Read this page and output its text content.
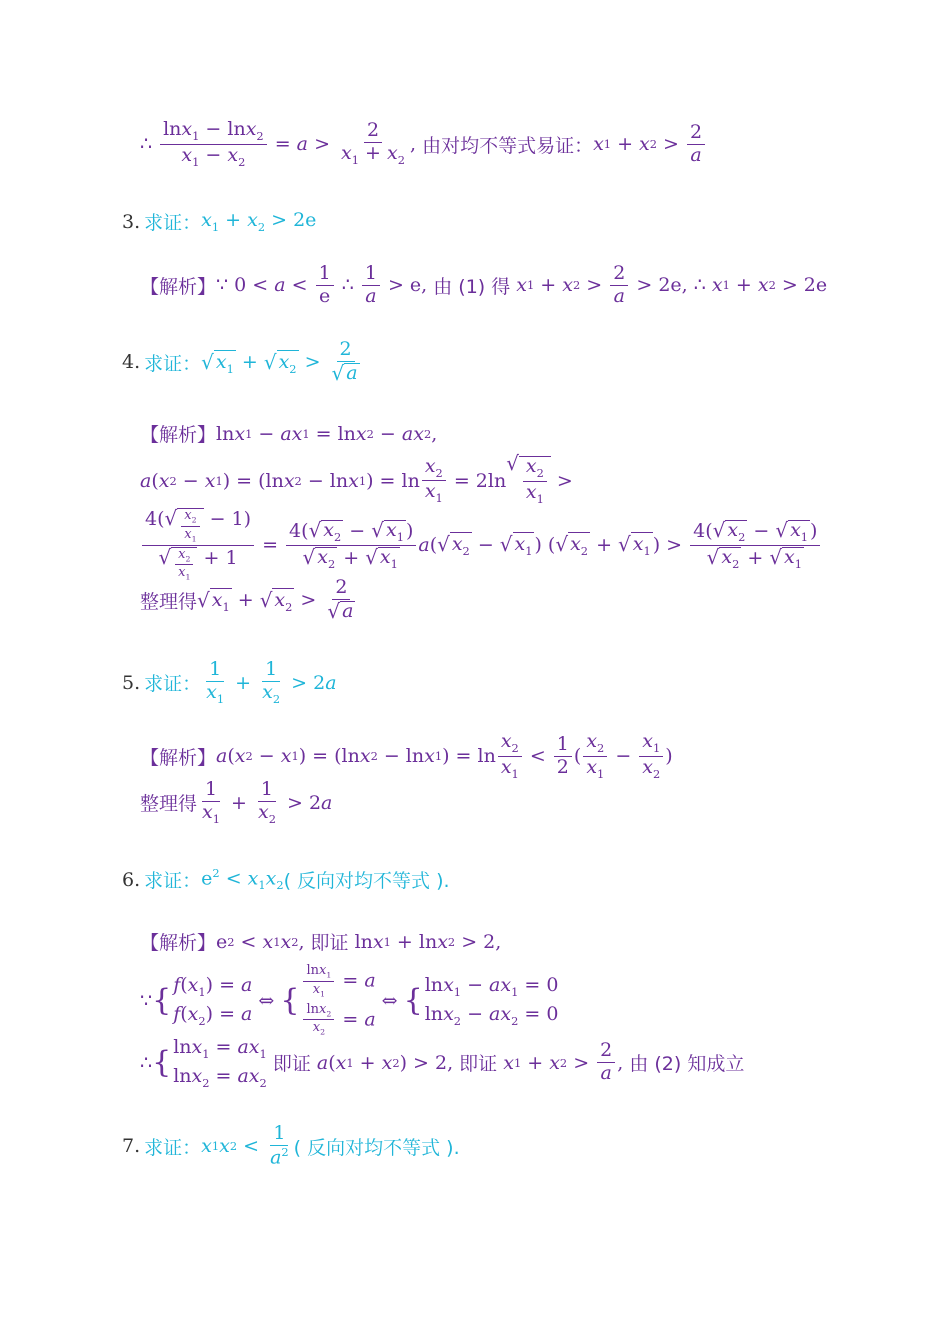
∴ $\frac{\ln x_1 - \ln x_2}{x_1 - x_2} = a > \frac{2}{x_1 + x_2}$ , 由对均不等式易证： x 1 + x $2 > \frac{2}{a}$
3. 求证： $x_1 + x_2 > 2e$
【解析】 ∵ $0 < a < \frac{1}{e}$ ∴ $\frac{1}{a} > e$, 由 (1) 得
x 1 + x $2 > \frac{2}{a} > 2e$, ∴ x 1 + x 2 > 2e
4. 求证： √ $x_1$ + √ $x_2 > \frac{2}{√ a}$
【解析】 ln x 1 − ax 1 = ln x 2 − ax 2 ,
a ( x 2 − x 1 ) = (ln x 2 − ln x 1 ) = $\ln \frac{x_2}{x_1} = 2\ln$
√ $\frac{x_2}{x_1}$ >
$\frac{4( √ \frac{x_2}{x_1} - 1)}{√ \frac{x_2}{x_1} + 1} = \frac{4( √ x_2 - √ x_1 )}{√ x_2 + √ x_1}$ a ( √ $x_2$ − √ $x_1$ ) ( √ $x_2$ + √ $x_1$ ) > $\frac{4( √ x_2 - √ x_1 )}{√ x_2 + √ x_1}$
整理得 √ $x_1$ + √ $x_2 > \frac{2}{√ a}$
5. 求证： $\frac{1}{x_1} + \frac{1}{x_2} > 2$ a
【解析】 a ( x 2 − x 1 ) = (ln x 2 − ln x 1 ) = $\ln \frac{x_2}{x_1} < \frac{1}{2}$ ( $\frac{x_2}{x_1} - \frac{x_1}{x_2}$ )
整理得 $\frac{1}{x_1} + \frac{1}{x_2} > 2$ a
6. 求证： $e^2 < x_1x_2$ ( 反向对均不等式 ).
【解析】 e 2 < x 1 x 2 , 即证 ln x 1 + ln x 2 > 2,
∵ { $f(x_1) = a$
$f(x_2) = a$
⇔ {
$\frac{\ln x_1}{x_1} = a$
$\frac{\ln x_2}{x_2} = a$
⇔ { $\ln x_1 - ax_1 = 0$
$\ln x_2 - ax_2 = 0$
∴ { $\ln x_1 = ax_1$
$\ln x_2 = ax_2$

即证
a ( x 1 + x 2 ) > 2, 即证
x 1 + x $2 > \frac{2}{a}$ , 由 (2) 知成立
7. 求证： x 1 x $2 < \frac{1}{a^2}$ ( 反向对均不等式 ).
